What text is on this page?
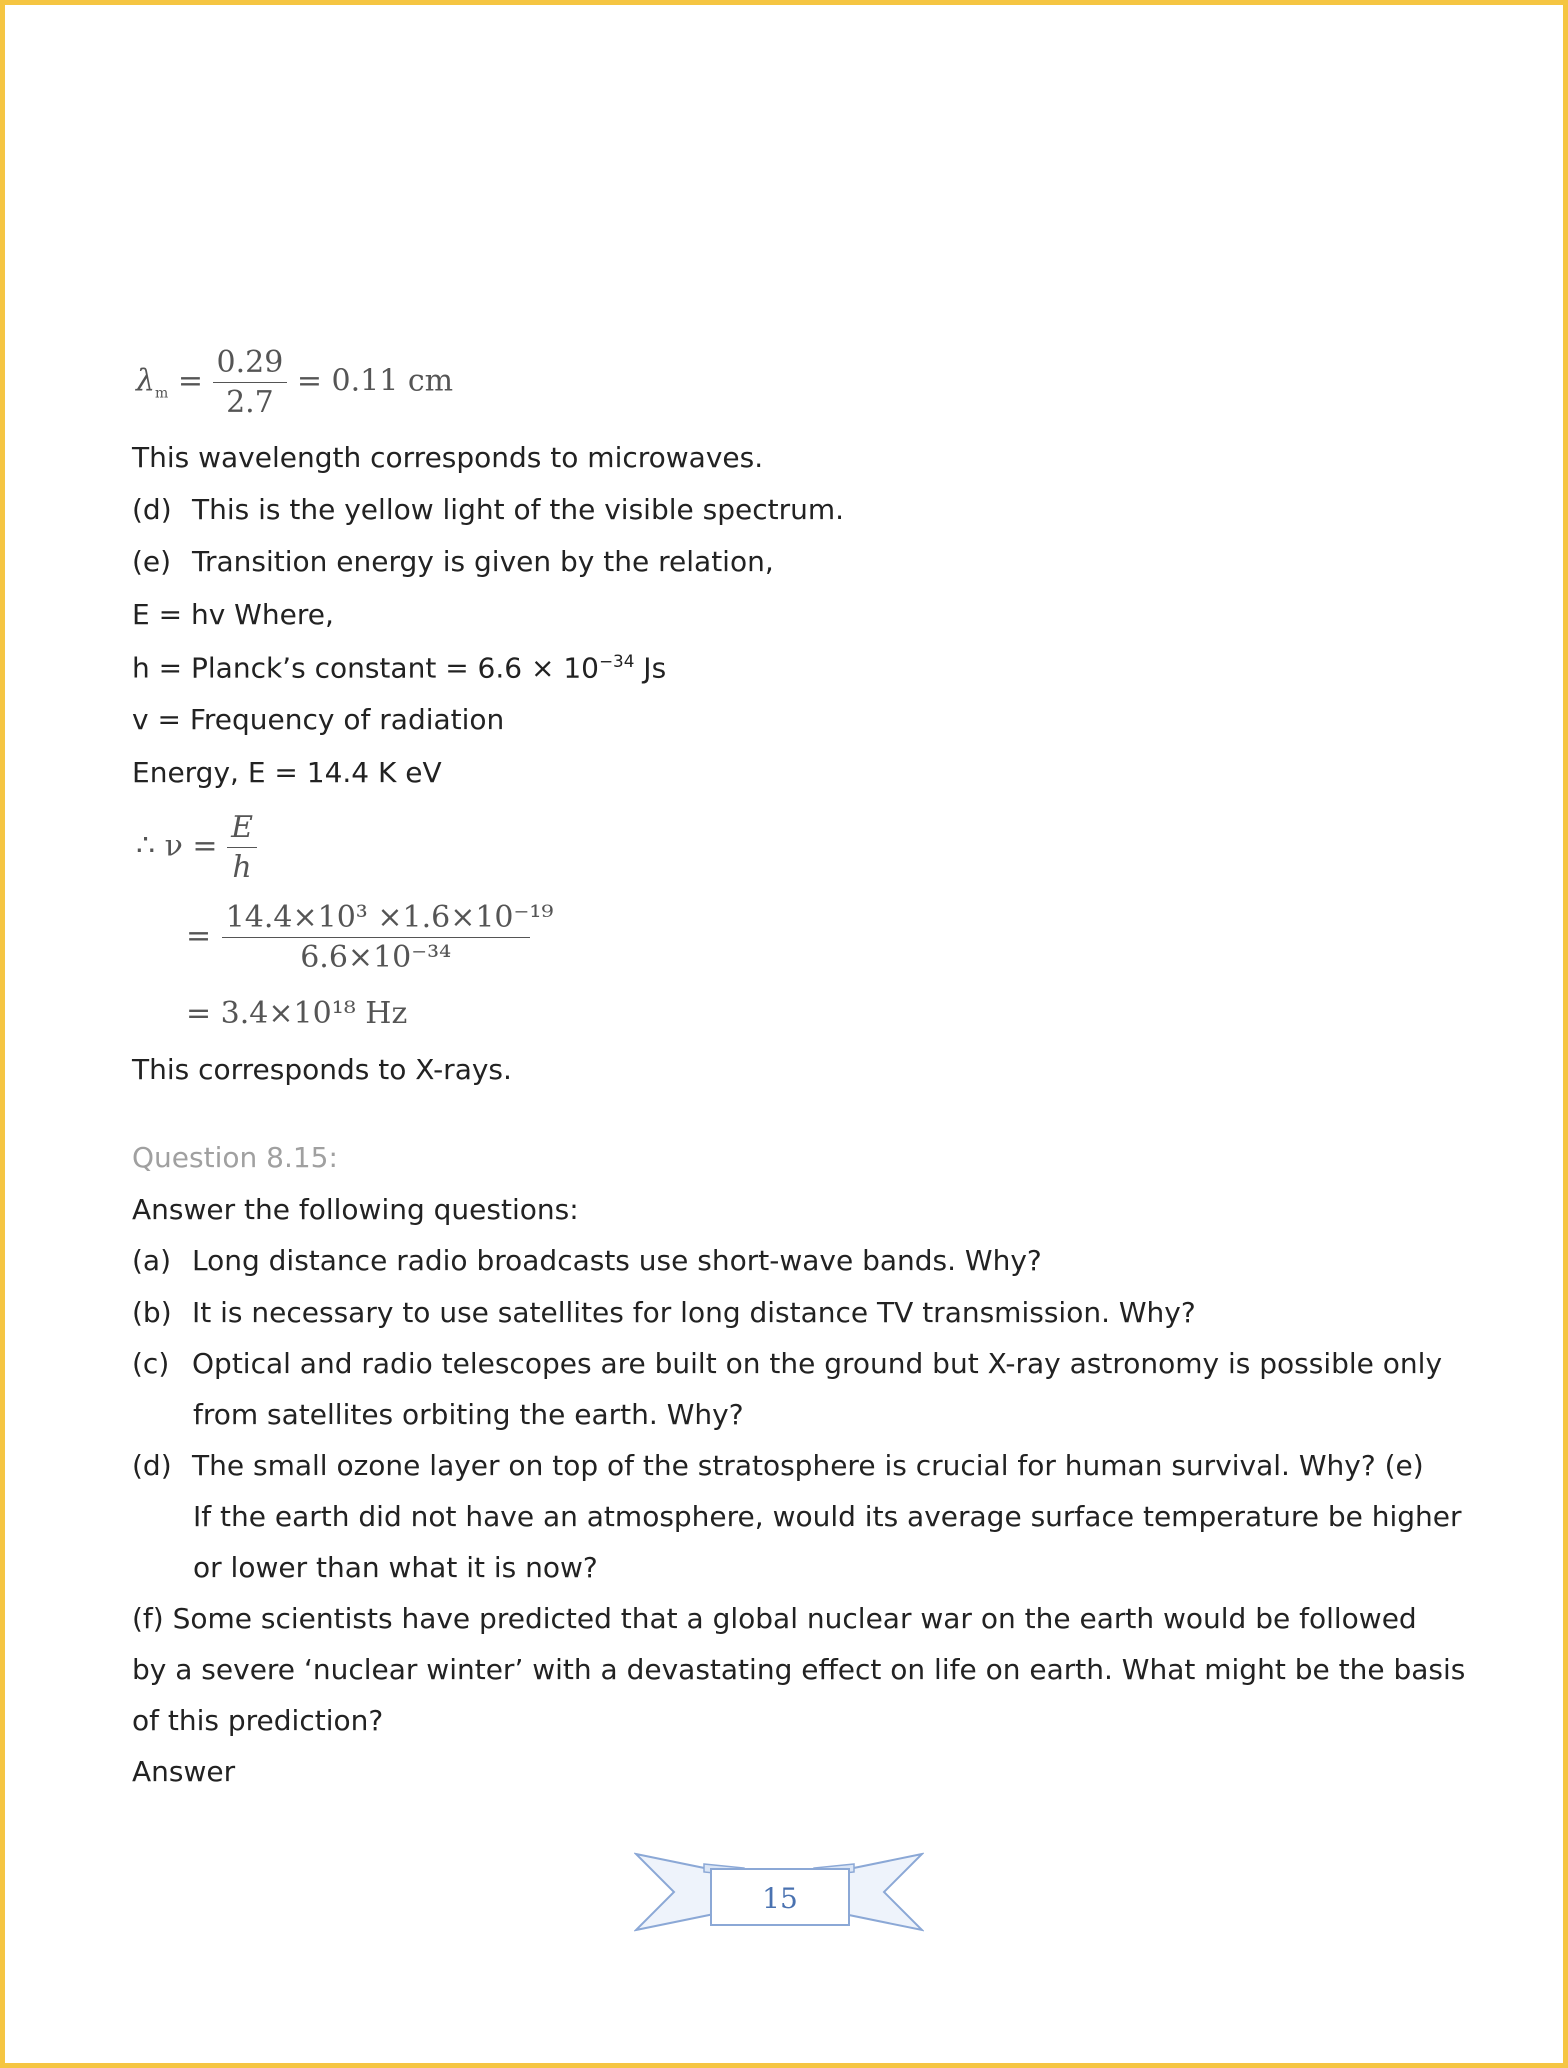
$\lambda_m = \frac{0.29}{2.7} = 0.11$ cm
This wavelength corresponds to microwaves.
(d) This is the yellow light of the visible spectrum.
(e) Transition energy is given by the relation,
E = hv Where,
h = Planck’s constant = $6.6 \times 10^{-34}$ Js
v = Frequency of radiation
Energy, E = 14.4 K eV
∴ $\nu = \frac{E}{h}$
= $\frac{\text{14.4×10³ ×1.6×10⁻¹⁹}}{\text{6.6×10⁻³⁴}}$
= 3.4×10¹⁸ Hz
This corresponds to X-rays.
Question 8.15:
Answer the following questions:
(a) Long distance radio broadcasts use short-wave bands. Why?
(b) It is necessary to use satellites for long distance TV transmission. Why?
(c) Optical and radio telescopes are built on the ground but X-ray astronomy is possible only
from satellites orbiting the earth. Why?
(d) The small ozone layer on top of the stratosphere is crucial for human survival. Why? (e)
If the earth did not have an atmosphere, would its average surface temperature be higher
or lower than what it is now?
(f) Some scientists have predicted that a global nuclear war on the earth would be followed
by a severe ‘nuclear winter’ with a devastating effect on life on earth. What might be the basis
of this prediction?
Answer
15
